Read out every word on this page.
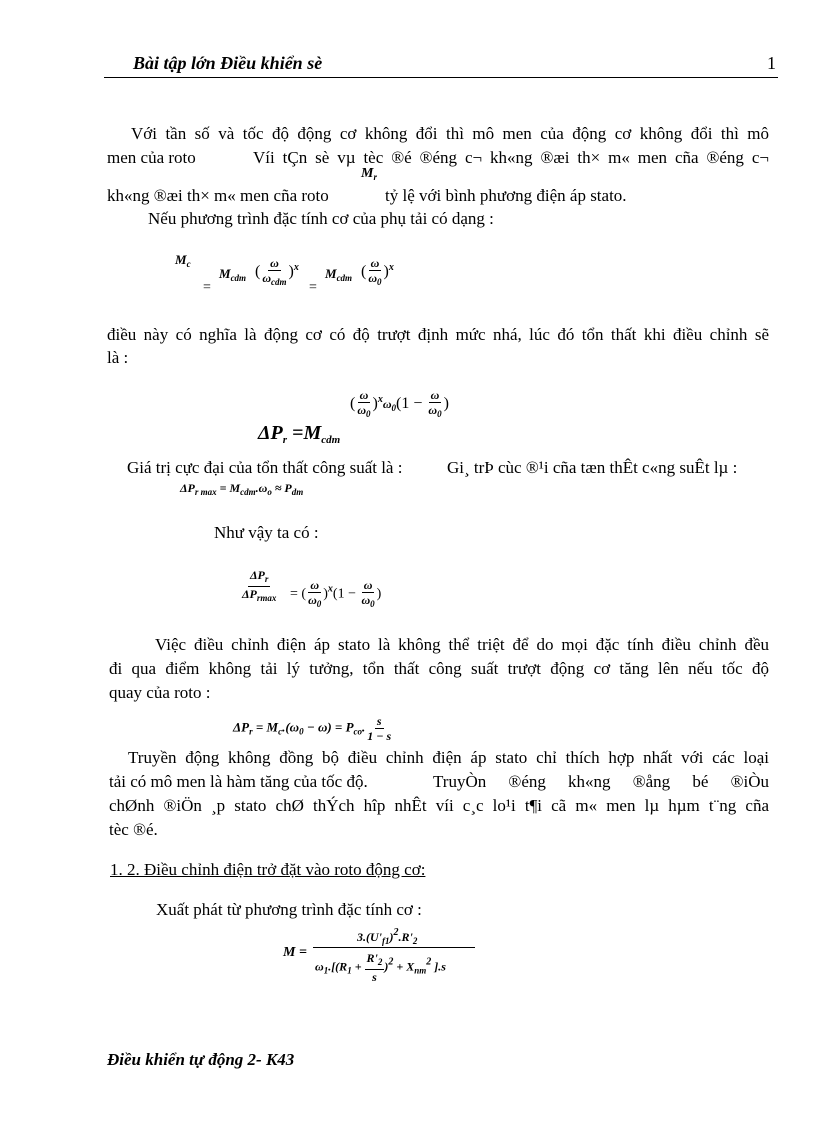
Bài tập lớn Điều khiển sè	1
Với tần số và tốc độ động cơ không đổi thì mô men của động cơ không đổi thì mô
men của roto	Víi tÇn sè vµ tèc ®é ®éng c¬ kh«ng ®æi th× m« men cña ®éng c¬
$M_r$
kh«ng ®æi th× m« men cña roto	tỷ lệ với bình phương điện áp stato.
Nếu phương trình đặc tính cơ của phụ tải có dạng :
$M_c$
=
$M_{cdm}$ ( $\frac{\omega}{\omega_{cdm}} )^x$
=
$M_{cdm}$ ( $\frac{\omega}{\omega_0} )^x$
điều này có nghĩa là động cơ có độ trượt định mức nhá, lúc đó tổn thất khi điều chỉnh sẽ
là :
( $\frac{\omega}{\omega_0} )^x\omega_0(1 - \frac{\omega}{\omega_0}$ )
$\Delta P_r =M_{cdm}$
Giá trị cực đại của tổn thất công suất là :	Gi¸ trÞ cùc ®¹i cña tæn thÊt c«ng suÊt lµ :
$\Delta P_{r max} = M_{cdm}.\omega_o \approx P_{dm}$
Như vậy ta có :
$\frac{\Delta P_r}{\Delta P_{rmax}}$ = ( $\frac{\omega}{\omega_0} )^x(1 - \frac{\omega}{\omega_0}$ )
Việc điều chỉnh điện áp stato là không thể triệt để do mọi đặc tính điều chỉnh đều
đi qua điểm không tải lý tưởng, tổn thất công suất trượt động cơ tăng lên nếu tốc độ
quay của roto :
$\Delta P_r = M_c.(\omega_0 - \omega) = P_{co}$. $\frac{s}{1 - s}$
Truyền động không đồng bộ điều chỉnh điện áp stato chỉ thích hợp nhất với các loại
tải có mô men là hàm tăng của tốc độ.	TruyÒn ®éng kh«ng ®ång bé ®iÒu
chØnh ®iÖn ¸p stato chØ thÝch hîp nhÊt víi c¸c lo¹i t¶i cã m« men lµ hµm t¨ng cña
tèc ®é.
1. 2. Điều chỉnh điện trở đặt vào roto động cơ:
Xuất phát từ phương trình đặc tính cơ :
M =
$3.(U'_{f1})^2.R'_2$
$\omega_1.[(R_1 + \frac{R'_2}{s} )^2 + X_{nm}^2$ ].s
Điều khiển tự động 2- K43
